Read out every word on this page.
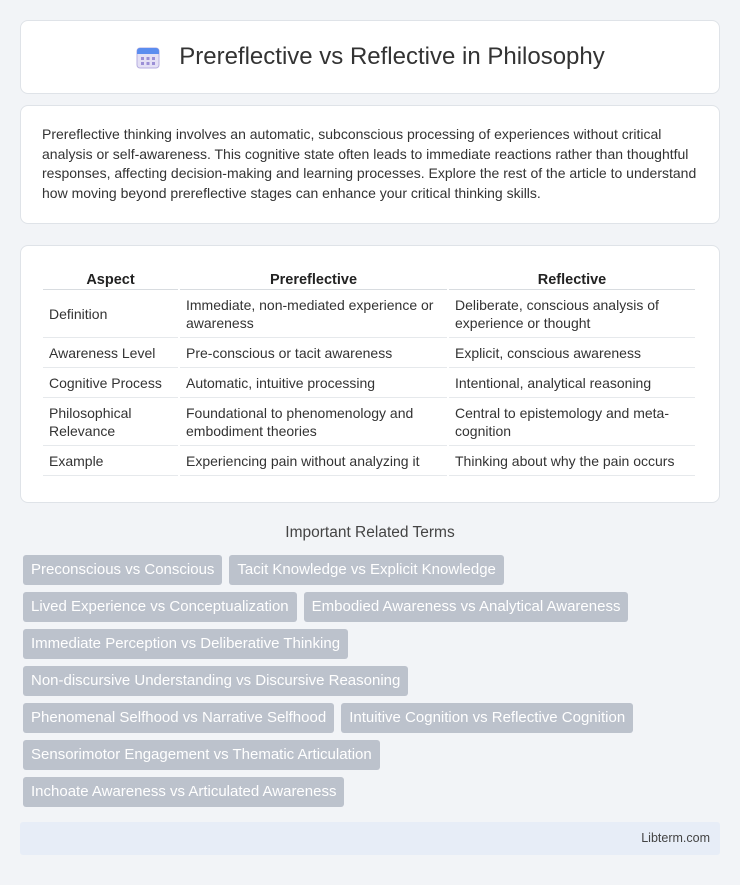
Prereflective vs Reflective in Philosophy

Prereflective thinking involves an automatic, subconscious processing of experiences without critical analysis or self-awareness. This cognitive state often leads to immediate reactions rather than thoughtful responses, affecting decision-making and learning processes. Explore the rest of the article to understand how moving beyond prereflective stages can enhance your critical thinking skills.

Aspect	Prereflective	Reflective
Definition	Immediate, non-mediated experience or awareness	Deliberate, conscious analysis of experience or thought
Awareness Level	Pre-conscious or tacit awareness	Explicit, conscious awareness
Cognitive Process	Automatic, intuitive processing	Intentional, analytical reasoning
Philosophical Relevance	Foundational to phenomenology and embodiment theories	Central to epistemology and meta-cognition
Example	Experiencing pain without analyzing it	Thinking about why the pain occurs
Important Related Terms
Preconscious vs Conscious	Tacit Knowledge vs Explicit Knowledge
Lived Experience vs Conceptualization	Embodied Awareness vs Analytical Awareness
Immediate Perception vs Deliberative Thinking
Non-discursive Understanding vs Discursive Reasoning
Phenomenal Selfhood vs Narrative Selfhood	Intuitive Cognition vs Reflective Cognition
Sensorimotor Engagement vs Thematic Articulation
Inchoate Awareness vs Articulated Awareness
Libterm.com
